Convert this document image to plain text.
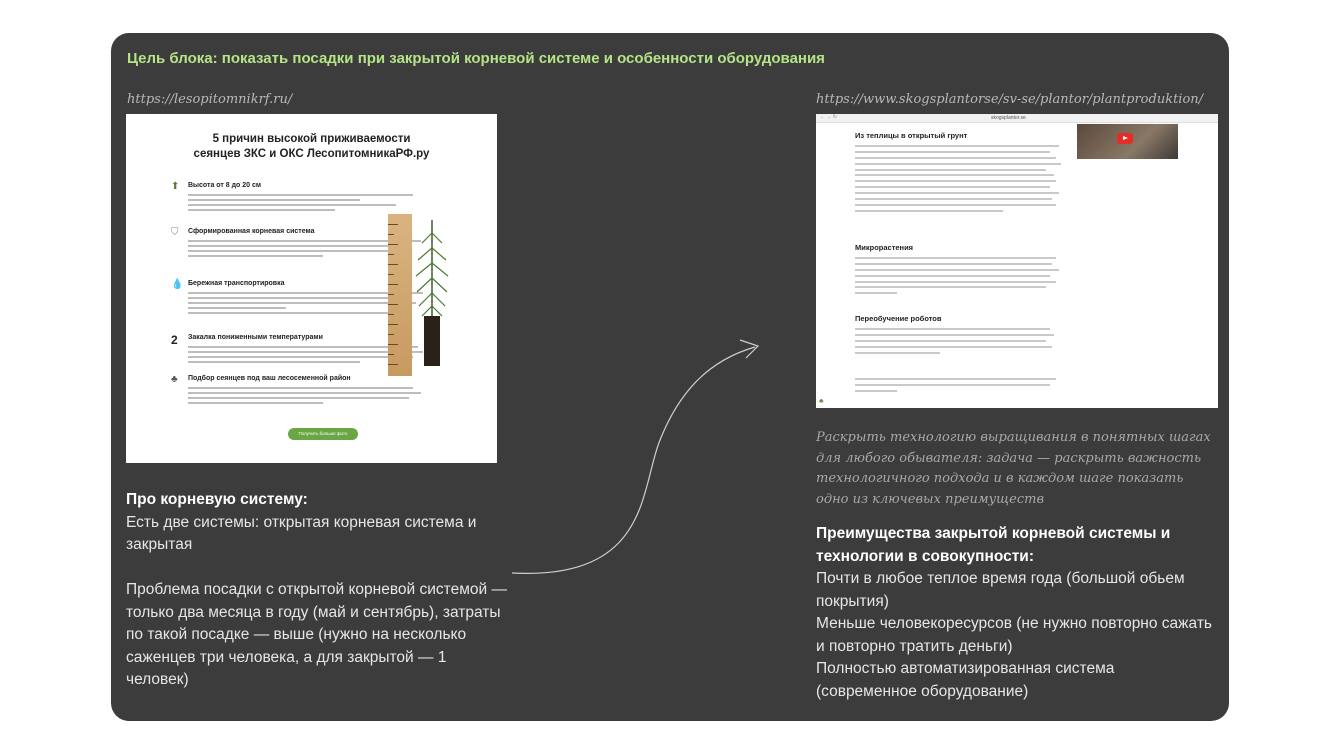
Цель блока: показать посадки при закрытой корневой системе и особенности оборудования
https://lesopitomnikrf.ru/	https://www.skogsplantorse/sv-se/plantor/plantproduktion/
5 причин высокой приживаемости
сеянцев ЗКС и ОКС ЛесопитомникаРФ.ру
⬆ Высота от 8 до 20 см
⛉ Сформированная корневая система
💧 Бережная транспортировка
2 Закалка пониженными температурами
♣ Подбор сеянцев под ваш лесосеменной район
Получить больше фото
← → ↻	skogsplantor.se
Из теплицы в открытый грунт
Микрорастения
Переобучение роботов
♣
Про корневую систему:

Есть две системы: открытая корневая система и закрытая

Проблема посадки с открытой корневой системой — только два месяца в году (май и сентябрь), затраты по такой посадке — выше (нужно на несколько саженцев три человека, а для закрытой — 1 человек)

Раскрыть технологию выращивания в понятных шагах для любого обывателя: задача — раскрыть важность технологичного подхода и в каждом шаге показать одно из ключевых преимуществ
Преимущества закрытой корневой системы и технологии в совокупности:

Почти в любое теплое время года (большой обьем покрытия)

Меньше человекоресурсов (не нужно повторно сажать и повторно тратить деньги)

Полностью автоматизированная система (современное оборудование)
